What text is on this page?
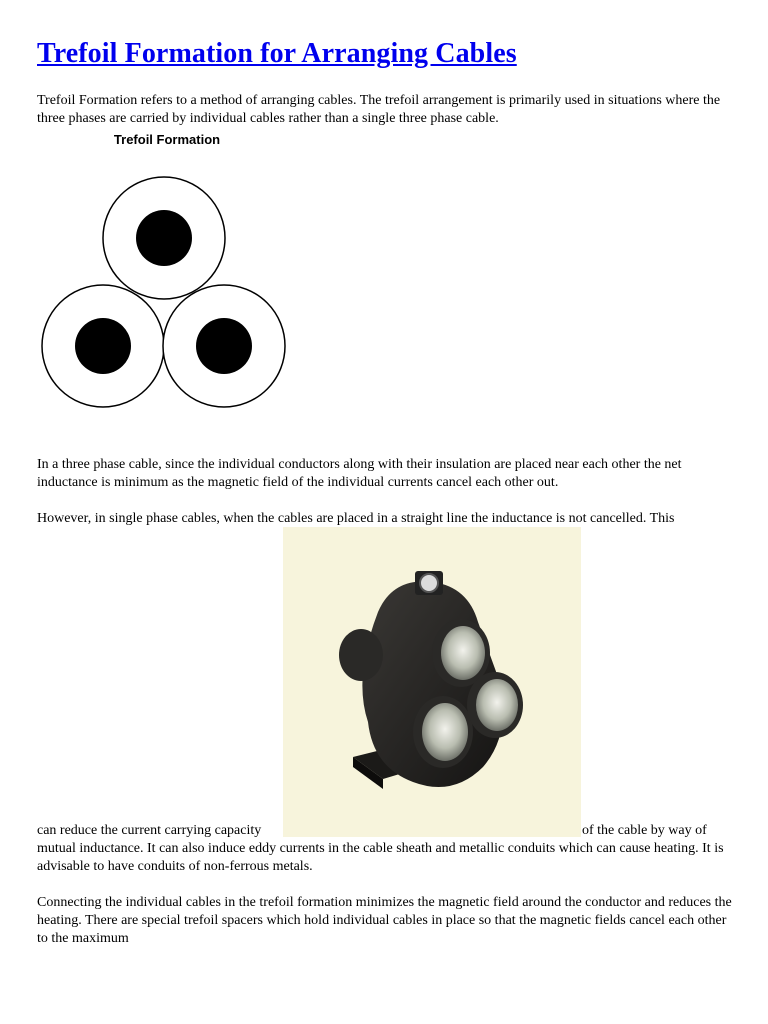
Trefoil Formation for Arranging Cables

Trefoil Formation refers to a method of arranging cables. The trefoil arrangement is primarily used in situations where the three phases are carried by individual cables rather than a single three phase cable.

Trefoil Formation

In a three phase cable, since the individual conductors along with their insulation are placed near each other the net inductance is minimum as the magnetic field of the individual currents cancel each other out.

However, in single phase cables, when the cables are placed in a straight line the inductance is not cancelled. This

can reduce the current carrying capacity	of the cable by way of

mutual inductance. It can also induce eddy currents in the cable sheath and metallic conduits which can cause heating. It is advisable to have conduits of non-ferrous metals.

Connecting the individual cables in the trefoil formation minimizes the magnetic field around the conductor and reduces the heating. There are special trefoil spacers which hold individual cables in place so that the magnetic fields cancel each other to the maximum
